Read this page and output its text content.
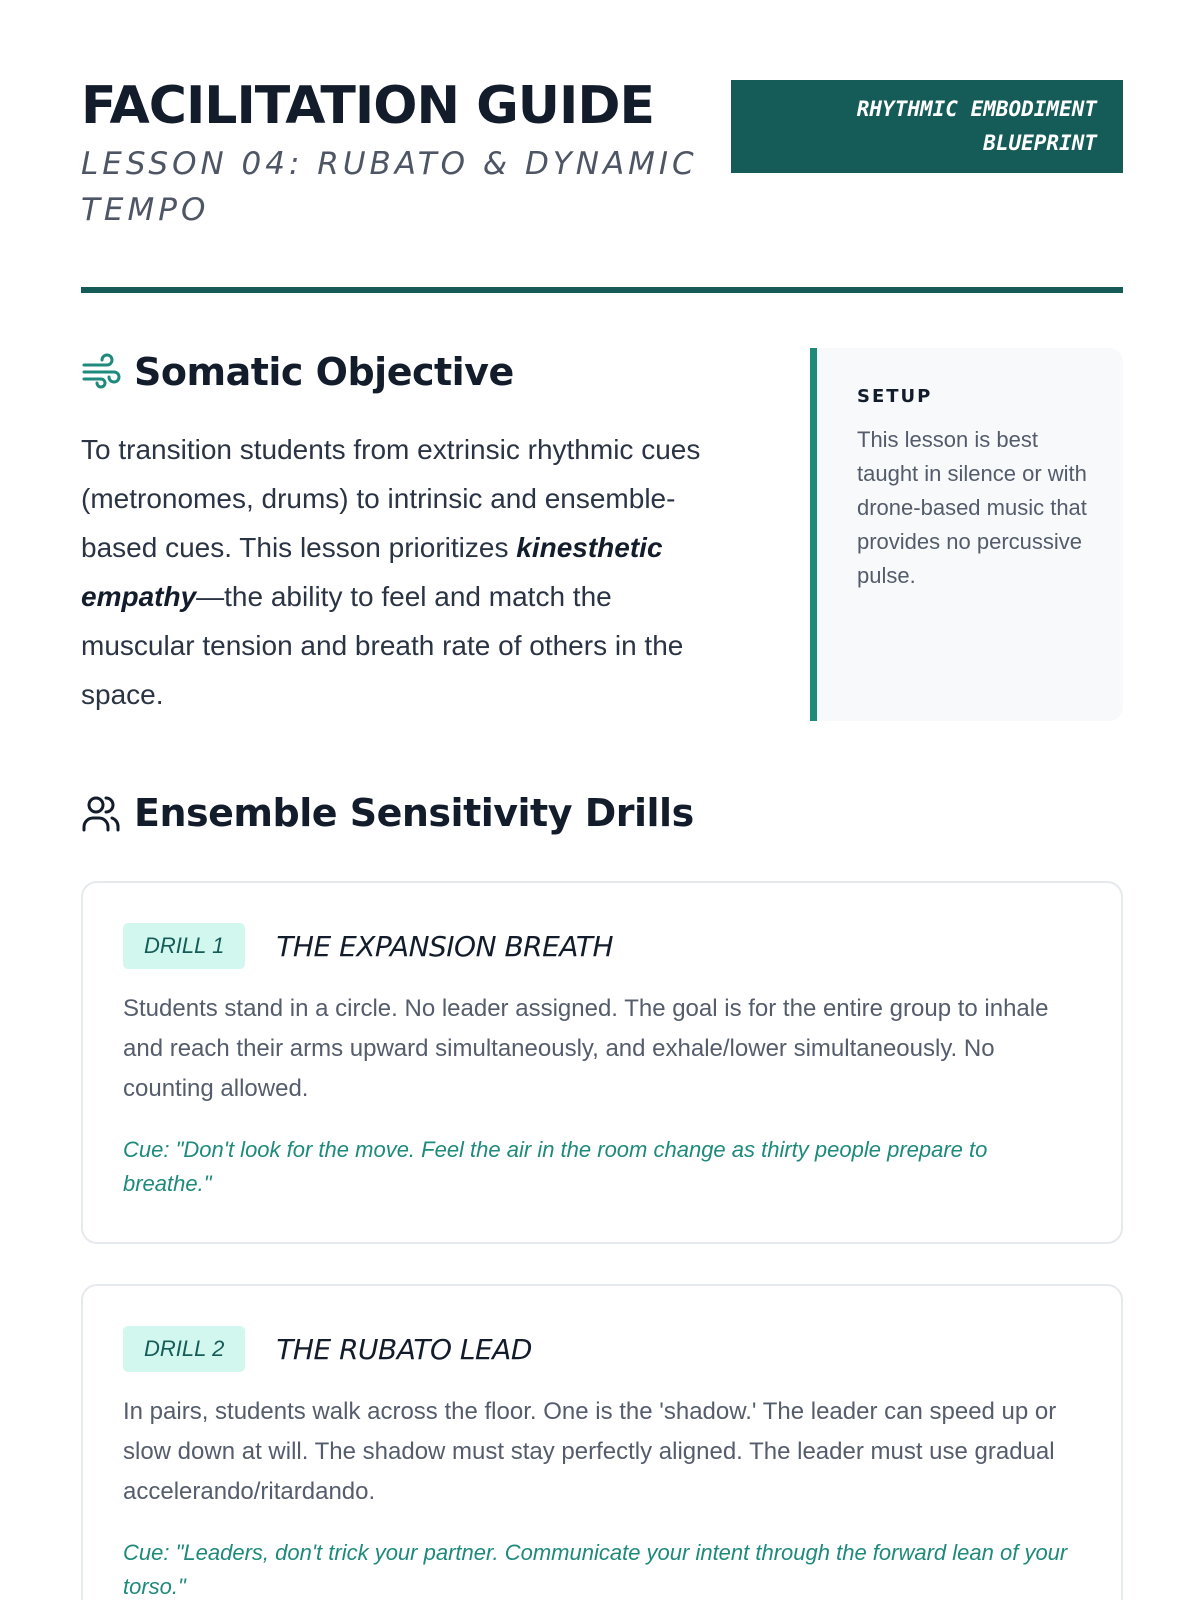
FACILITATION GUIDE
LESSON 04: RUBATO & DYNAMIC TEMPO
RHYTHMIC EMBODIMENT
BLUEPRINT
Somatic Objective

To transition students from extrinsic rhythmic cues (metronomes, drums) to intrinsic and ensemble-based cues. This lesson prioritizes kinesthetic empathy—the ability to feel and match the muscular tension and breath rate of others in the space.

SETUP
This lesson is best taught in silence or with drone-based music that provides no percussive pulse.
Ensemble Sensitivity Drills
DRILL 1	THE EXPANSION BREATH

Students stand in a circle. No leader assigned. The goal is for the entire group to inhale and reach their arms upward simultaneously, and exhale/lower simultaneously. No counting allowed.

Cue: "Don't look for the move. Feel the air in the room change as thirty people prepare to breathe."

DRILL 2	THE RUBATO LEAD

In pairs, students walk across the floor. One is the 'shadow.' The leader can speed up or slow down at will. The shadow must stay perfectly aligned. The leader must use gradual accelerando/ritardando.

Cue: "Leaders, don't trick your partner. Communicate your intent through the forward lean of your torso."
